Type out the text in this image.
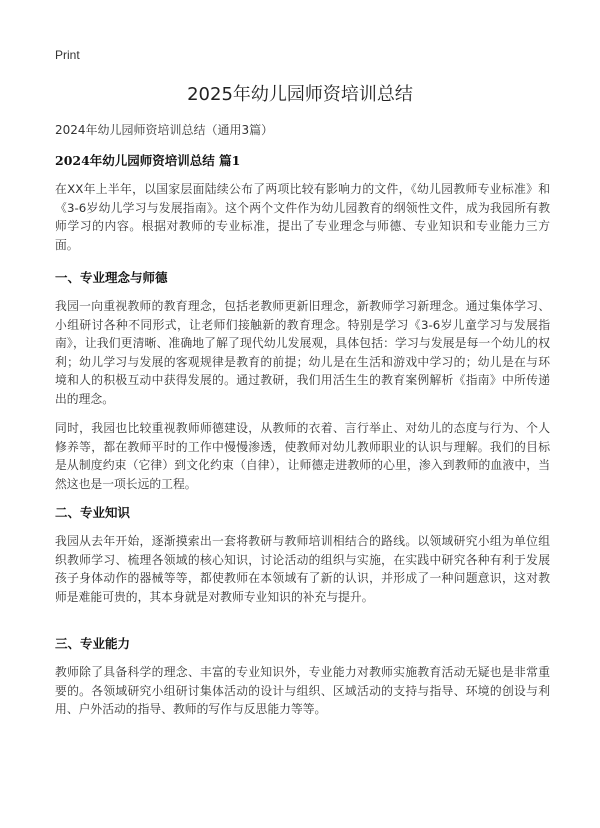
Print
2025年幼儿园师资培训总结
2024年幼儿园师资培训总结（通用3篇）
2024年幼儿园师资培训总结 篇1

在XX年上半年，以国家层面陆续公布了两项比较有影响力的文件，《幼儿园教师专业标准》和《3-6岁幼儿学习与发展指南》。这个两个文件作为幼儿园教育的纲领性文件，成为我园所有教师学习的内容。根据对教师的专业标准，提出了专业理念与师德、专业知识和专业能力三方面。

一、专业理念与师德

我园一向重视教师的教育理念，包括老教师更新旧理念，新教师学习新理念。通过集体学习、小组研讨各种不同形式，让老师们接触新的教育理念。特别是学习《3-6岁儿童学习与发展指南》，让我们更清晰、准确地了解了现代幼儿发展观，具体包括：学习与发展是每一个幼儿的权利；幼儿学习与发展的客观规律是教育的前提；幼儿是在生活和游戏中学习的；幼儿是在与环境和人的积极互动中获得发展的。通过教研，我们用活生生的教育案例解析《指南》中所传递出的理念。

同时，我园也比较重视教师师德建设，从教师的衣着、言行举止、对幼儿的态度与行为、个人修养等，都在教师平时的工作中慢慢渗透，使教师对幼儿教师职业的认识与理解。我们的目标是从制度约束（它律）到文化约束（自律），让师德走进教师的心里，渗入到教师的血液中，当然这也是一项长远的工程。

二、专业知识

我园从去年开始，逐渐摸索出一套将教研与教师培训相结合的路线。以领域研究小组为单位组织教师学习、梳理各领域的核心知识，讨论活动的组织与实施，在实践中研究各种有利于发展孩子身体动作的器械等等，都使教师在本领域有了新的认识，并形成了一种问题意识，这对教师是难能可贵的，其本身就是对教师专业知识的补充与提升。

三、专业能力

教师除了具备科学的理念、丰富的专业知识外，专业能力对教师实施教育活动无疑也是非常重要的。各领域研究小组研讨集体活动的设计与组织、区域活动的支持与指导、环境的创设与利用、户外活动的指导、教师的写作与反思能力等等。
